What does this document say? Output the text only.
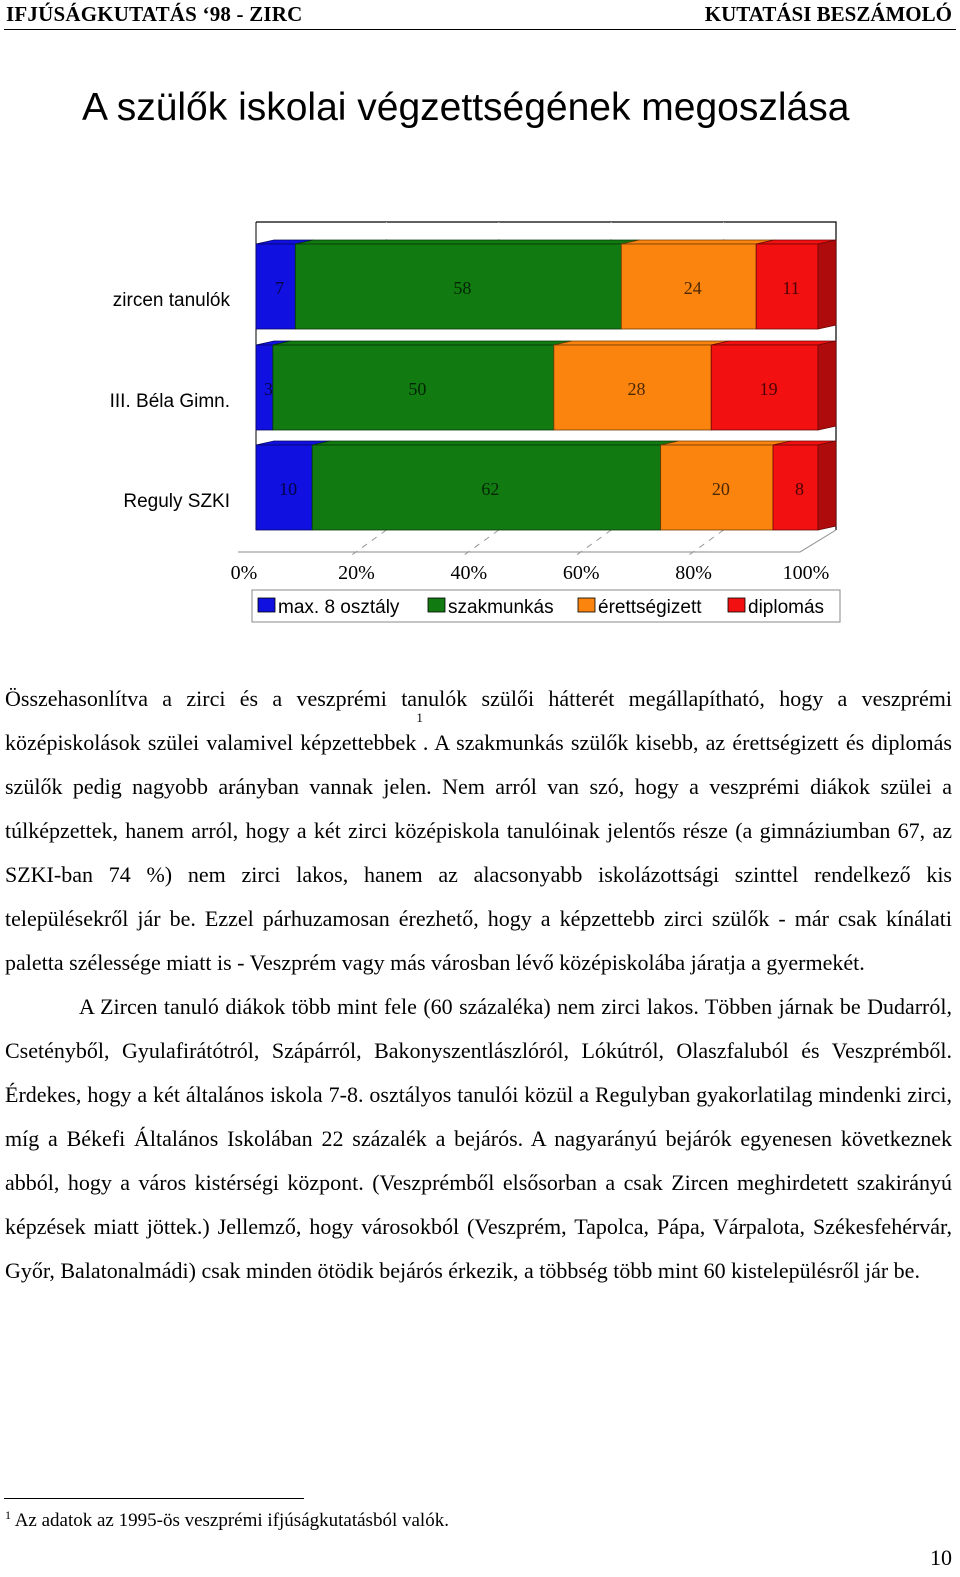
IFJÚSÁGKUTATÁS ‘98 - ZIRC	KUTATÁSI BESZÁMOLÓ
A szülők iskolai végzettségének megoszlása
7	58	24	11
3	50	28	19
10	62	20	8
zircen tanulók
III. Béla Gimn.
Reguly SZKI
0%	20%	40%	60%	80%	100%
max. 8 osztály	szakmunkás érettségizett diplomás

Összehasonlítva a zirci és a veszprémi tanulók szülői hátterét megállapítható, hogy a veszprémi középiskolások szülei valamivel képzettebbek$^1$. A szakmunkás szülők kisebb, az érettségizett és diplomás szülők pedig nagyobb arányban vannak jelen. Nem arról van szó, hogy a veszprémi diákok szülei a túlképzettek, hanem arról, hogy a két zirci középiskola tanulóinak jelentős része (a gimnáziumban 67, az SZKI-ban 74 %) nem zirci lakos, hanem az alacsonyabb iskolázottsági szinttel rendelkező kis településekről jár be. Ezzel párhuzamosan érezhető, hogy a képzettebb zirci szülők - már csak kínálati paletta szélessége miatt is - Veszprém vagy más városban lévő középiskolába járatja a gyermekét.

A Zircen tanuló diákok több mint fele (60 százaléka) nem zirci lakos. Többen járnak be Dudarról, Csetényből, Gyulafirátótról, Szápárról, Bakonyszentlászlóról, Lókútról, Olaszfaluból és Veszprémből. Érdekes, hogy a két általános iskola 7-8. osztályos tanulói közül a Regulyban gyakorlatilag mindenki zirci, míg a Békefi Általános Iskolában 22 százalék a bejárós. A nagyarányú bejárók egyenesen következnek abból, hogy a város kistérségi központ. (Veszprémből elsősorban a csak Zircen meghirdetett szakirányú képzések miatt jöttek.) Jellemző, hogy városokból (Veszprém, Tapolca, Pápa, Várpalota, Székesfehérvár, Győr, Balatonalmádi) csak minden ötödik bejárós érkezik, a többség több mint 60 kistelepülésről jár be.

$^1$ Az adatok az 1995-ös veszprémi ifjúságkutatásból valók.
10
